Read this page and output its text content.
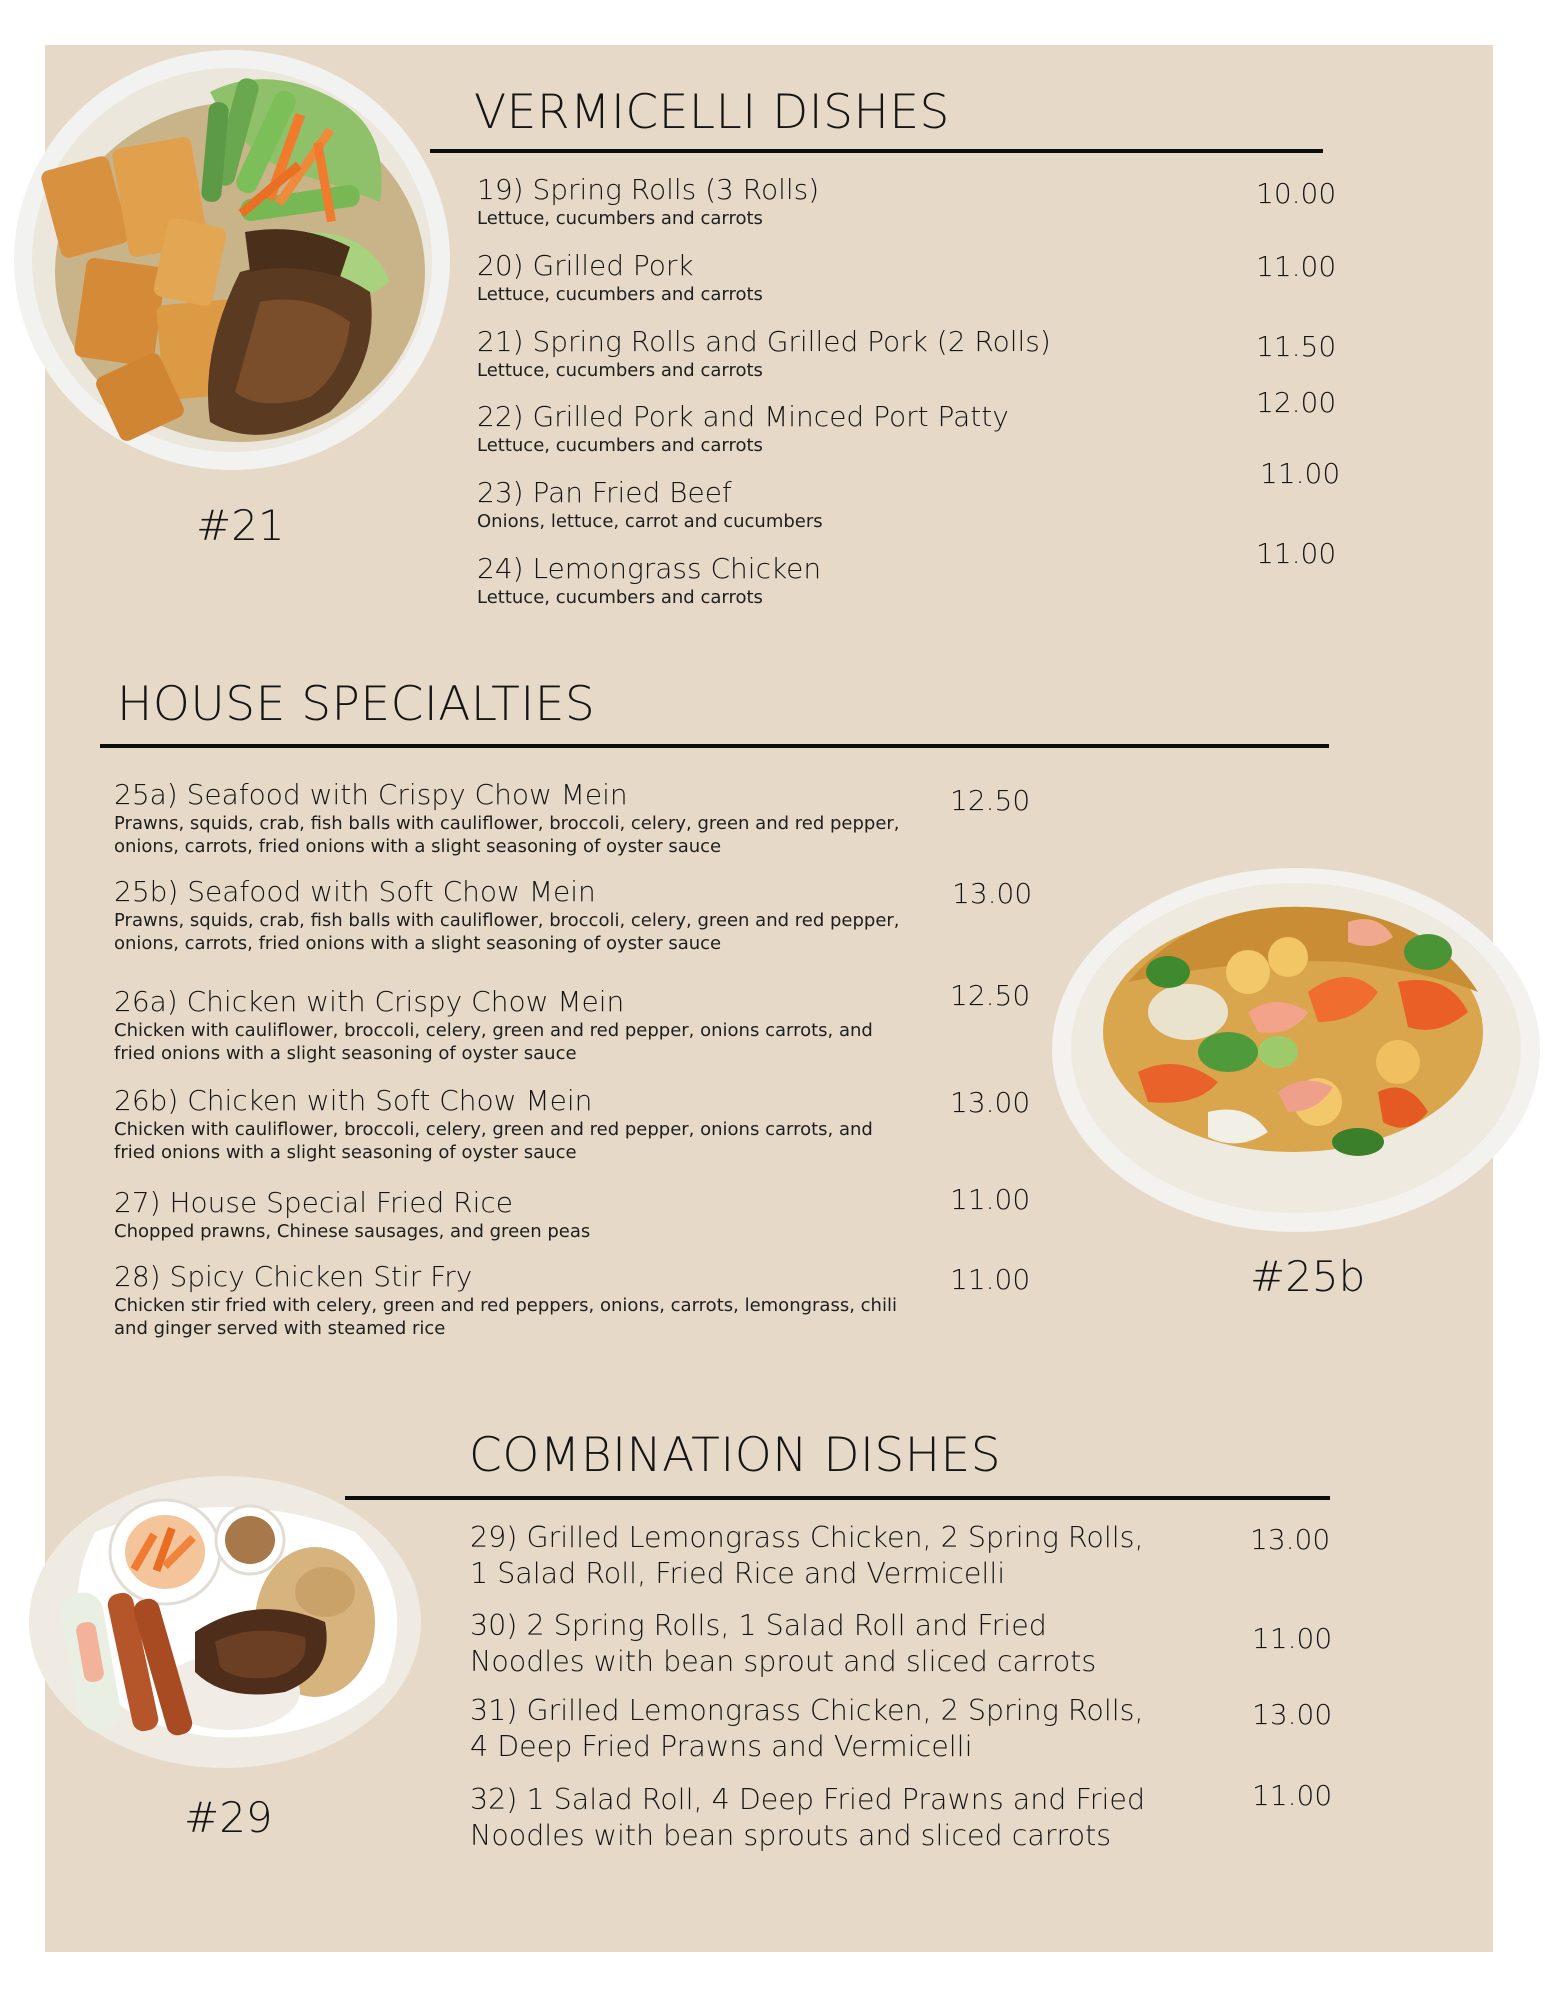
#21
VERMICELLI DISHES
19) Spring Rolls (3 Rolls)
Lettuce, cucumbers and carrots
10.00
20) Grilled Pork
Lettuce, cucumbers and carrots
11.00
21) Spring Rolls and Grilled Pork (2 Rolls)
Lettuce, cucumbers and carrots
11.50
22) Grilled Pork and Minced Port Patty
Lettuce, cucumbers and carrots
12.00
23) Pan Fried Beef
Onions, lettuce, carrot and cucumbers
11.00
24) Lemongrass Chicken
Lettuce, cucumbers and carrots
11.00
HOUSE SPECIALTIES
25a) Seafood with Crispy Chow Mein
Prawns, squids, crab, fish balls with cauliflower, broccoli, celery, green and red pepper, onions, carrots, fried onions with a slight seasoning of oyster sauce
12.50
25b) Seafood with Soft Chow Mein
Prawns, squids, crab, fish balls with cauliflower, broccoli, celery, green and red pepper, onions, carrots, fried onions with a slight seasoning of oyster sauce
13.00
26a) Chicken with Crispy Chow Mein
Chicken with cauliflower, broccoli, celery, green and red pepper, onions carrots, and fried onions with a slight seasoning of oyster sauce
12.50
26b) Chicken with Soft Chow Mein
Chicken with cauliflower, broccoli, celery, green and red pepper, onions carrots, and fried onions with a slight seasoning of oyster sauce
13.00
27) House Special Fried Rice
Chopped prawns, Chinese sausages, and green peas
11.00
28) Spicy Chicken Stir Fry
Chicken stir fried with celery, green and red peppers, onions, carrots, lemongrass, chili and ginger served with steamed rice
11.00	#25b
COMBINATION DISHES
29) Grilled Lemongrass Chicken, 2 Spring Rolls, 1 Salad Roll, Fried Rice and Vermicelli
13.00
30) 2 Spring Rolls, 1 Salad Roll and Fried Noodles with bean sprout and sliced carrots
11.00
31) Grilled Lemongrass Chicken, 2 Spring Rolls, 4 Deep Fried Prawns and Vermicelli
13.00
32) 1 Salad Roll, 4 Deep Fried Prawns and Fried Noodles with bean sprouts and sliced carrots
11.00
#29
